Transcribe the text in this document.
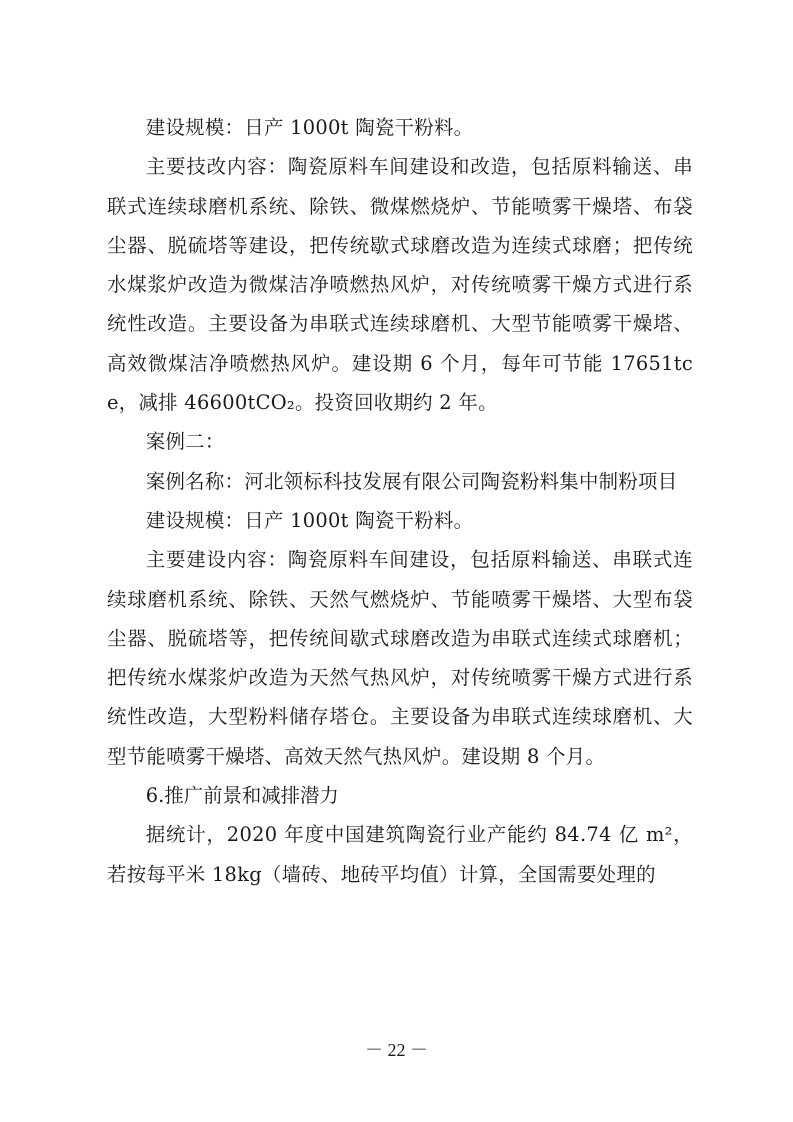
建设规模：日产 1000t 陶瓷干粉料。

主要技改内容：陶瓷原料车间建设和改造，包括原料输送、串联式连续球磨机系统、除铁、微煤燃烧炉、节能喷雾干燥塔、布袋尘器、脱硫塔等建设，把传统歇式球磨改造为连续式球磨；把传统水煤浆炉改造为微煤洁净喷燃热风炉，对传统喷雾干燥方式进行系统性改造。主要设备为串联式连续球磨机、大型节能喷雾干燥塔、高效微煤洁净喷燃热风炉。建设期 6 个月，每年可节能 17651tce，减排 46600tCO₂。投资回收期约 2 年。

案例二：

案例名称：河北领标科技发展有限公司陶瓷粉料集中制粉项目

建设规模：日产 1000t 陶瓷干粉料。

主要建设内容：陶瓷原料车间建设，包括原料输送、串联式连续球磨机系统、除铁、天然气燃烧炉、节能喷雾干燥塔、大型布袋尘器、脱硫塔等，把传统间歇式球磨改造为串联式连续式球磨机；把传统水煤浆炉改造为天然气热风炉，对传统喷雾干燥方式进行系统性改造，大型粉料储存塔仓。主要设备为串联式连续球磨机、大型节能喷雾干燥塔、高效天然气热风炉。建设期 8 个月。

6.推广前景和减排潜力

据统计，2020 年度中国建筑陶瓷行业产能约 84.74 亿 m²，若按每平米 18kg（墙砖、地砖平均值）计算，全国需要处理的

－ 22 －
